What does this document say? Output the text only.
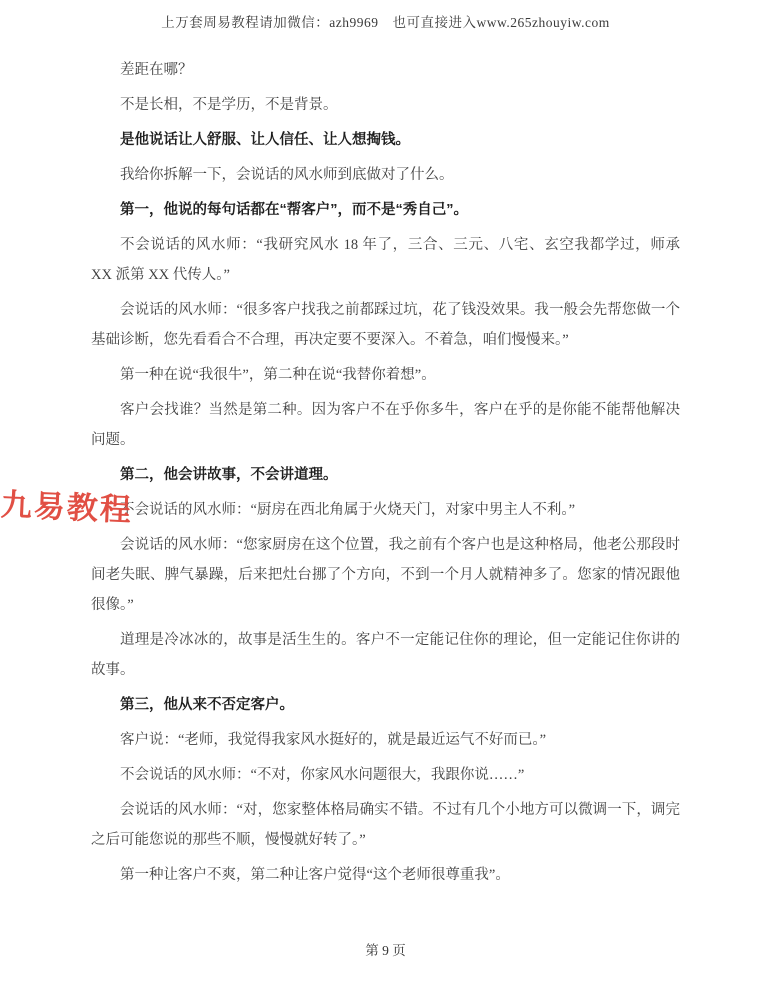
上万套周易教程请加微信：azh9969　也可直接进入www.265zhouyiw.com

差距在哪？

不是长相，不是学历，不是背景。

是他说话让人舒服、让人信任、让人想掏钱。

我给你拆解一下，会说话的风水师到底做对了什么。

第一，他说的每句话都在“帮客户”，而不是“秀自己”。

不会说话的风水师：“我研究风水 18 年了，三合、三元、八宅、玄空我都学过，师承 XX 派第 XX 代传人。”

会说话的风水师：“很多客户找我之前都踩过坑，花了钱没效果。我一般会先帮您做一个基础诊断，您先看看合不合理，再决定要不要深入。不着急，咱们慢慢来。”

第一种在说“我很牛”，第二种在说“我替你着想”。

客户会找谁？当然是第二种。因为客户不在乎你多牛，客户在乎的是你能不能帮他解决问题。

第二，他会讲故事，不会讲道理。

不会说话的风水师：“厨房在西北角属于火烧天门，对家中男主人不利。”

会说话的风水师：“您家厨房在这个位置，我之前有个客户也是这种格局，他老公那段时间老失眠、脾气暴躁，后来把灶台挪了个方向，不到一个月人就精神多了。您家的情况跟他很像。”

道理是冷冰冰的，故事是活生生的。客户不一定能记住你的理论，但一定能记住你讲的故事。

第三，他从来不否定客户。

客户说：“老师，我觉得我家风水挺好的，就是最近运气不好而已。”

不会说话的风水师：“不对，你家风水问题很大，我跟你说……”

会说话的风水师：“对，您家整体格局确实不错。不过有几个小地方可以微调一下，调完之后可能您说的那些不顺，慢慢就好转了。”

第一种让客户不爽，第二种让客户觉得“这个老师很尊重我”。

九易教程
第 9 页
